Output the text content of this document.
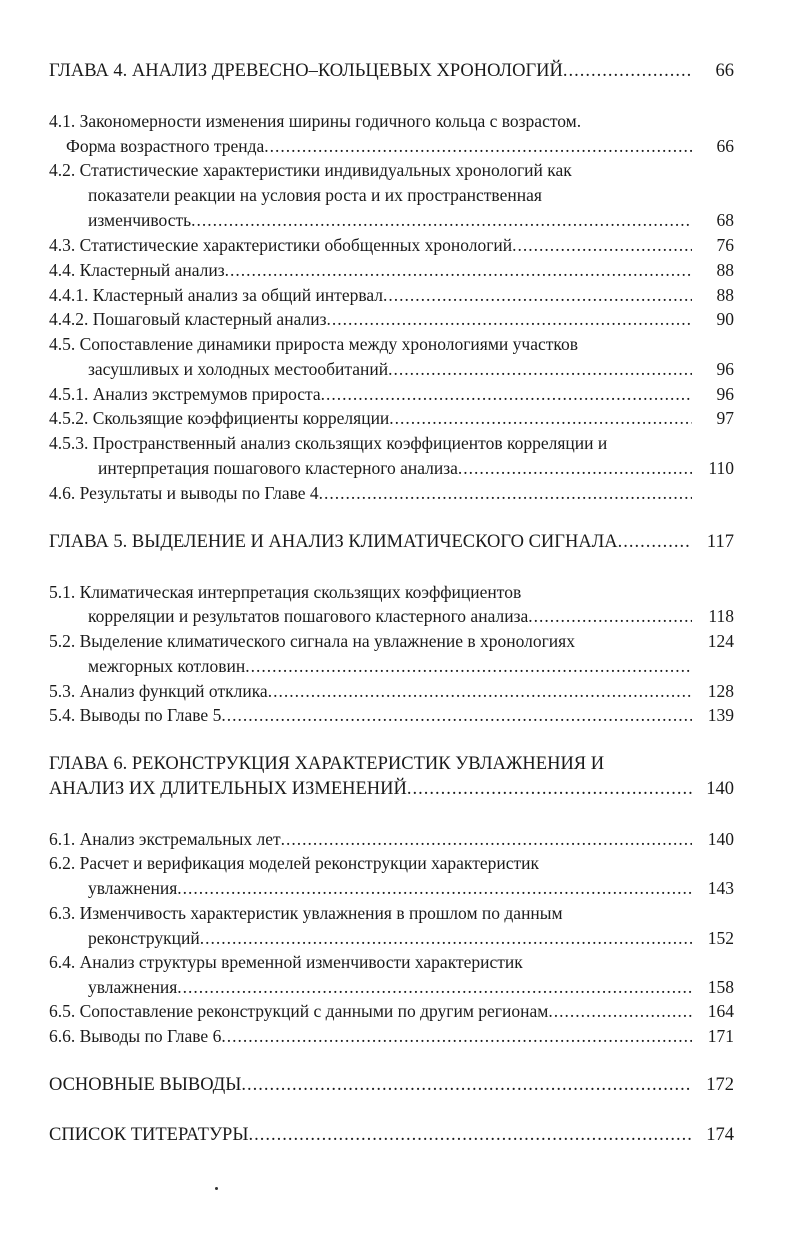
ГЛАВА 4. АНАЛИЗ ДРЕВЕСНО–КОЛЬЦЕВЫХ ХРОНОЛОГИЙ .....	66
4.1. Закономерности изменения ширины годичного кольца с возрастом.
Форма возрастного тренда .....	66
4.2. Статистические характеристики индивидуальных хронологий как
показатели реакции на условия роста и их пространственная
изменчивость .....	68
4.3. Статистические характеристики обобщенных хронологий .....	76
4.4. Кластерный анализ .....	88
4.4.1. Кластерный анализ за общий интервал .....	88
4.4.2. Пошаговый кластерный анализ .....	90
4.5. Сопоставление динамики прироста между хронологиями участков
засушливых и холодных местообитаний .....	96
4.5.1. Анализ экстремумов прироста .....	96
4.5.2. Скользящие коэффициенты корреляции .....	97
4.5.3. Пространственный анализ скользящих коэффициентов корреляции и
интерпретация пошагового кластерного анализа .....	110
4.6. Результаты и выводы по Главе 4
.....
ГЛАВА 5. ВЫДЕЛЕНИЕ И АНАЛИЗ КЛИМАТИЧЕСКОГО СИГНАЛА .....	117
5.1. Климатическая интерпретация скользящих коэффициентов
корреляции и результатов пошагового кластерного анализа .....	118
5.2. Выделение климатического сигнала на увлажнение в хронологиях	124
межгорных котловин
.....
5.3. Анализ функций отклика .....	128
5.4. Выводы по Главе 5 .....	139
ГЛАВА 6. РЕКОНСТРУКЦИЯ ХАРАКТЕРИСТИК УВЛАЖНЕНИЯ И
АНАЛИЗ ИХ ДЛИТЕЛЬНЫХ ИЗМЕНЕНИЙ .....	140
6.1. Анализ экстремальных лет .....	140
6.2. Расчет и верификация моделей реконструкции характеристик
увлажнения .....	143
6.3. Изменчивость характеристик увлажнения в прошлом по данным
реконструкций .....	152
6.4. Анализ структуры временной изменчивости характеристик
увлажнения .....	158
6.5. Сопоставление реконструкций с данными по другим регионам .....	164
6.6. Выводы по Главе 6 .....	171
ОСНОВНЫЕ ВЫВОДЫ .....	172
СПИСОК ТИТЕРАТУРЫ .....	174
